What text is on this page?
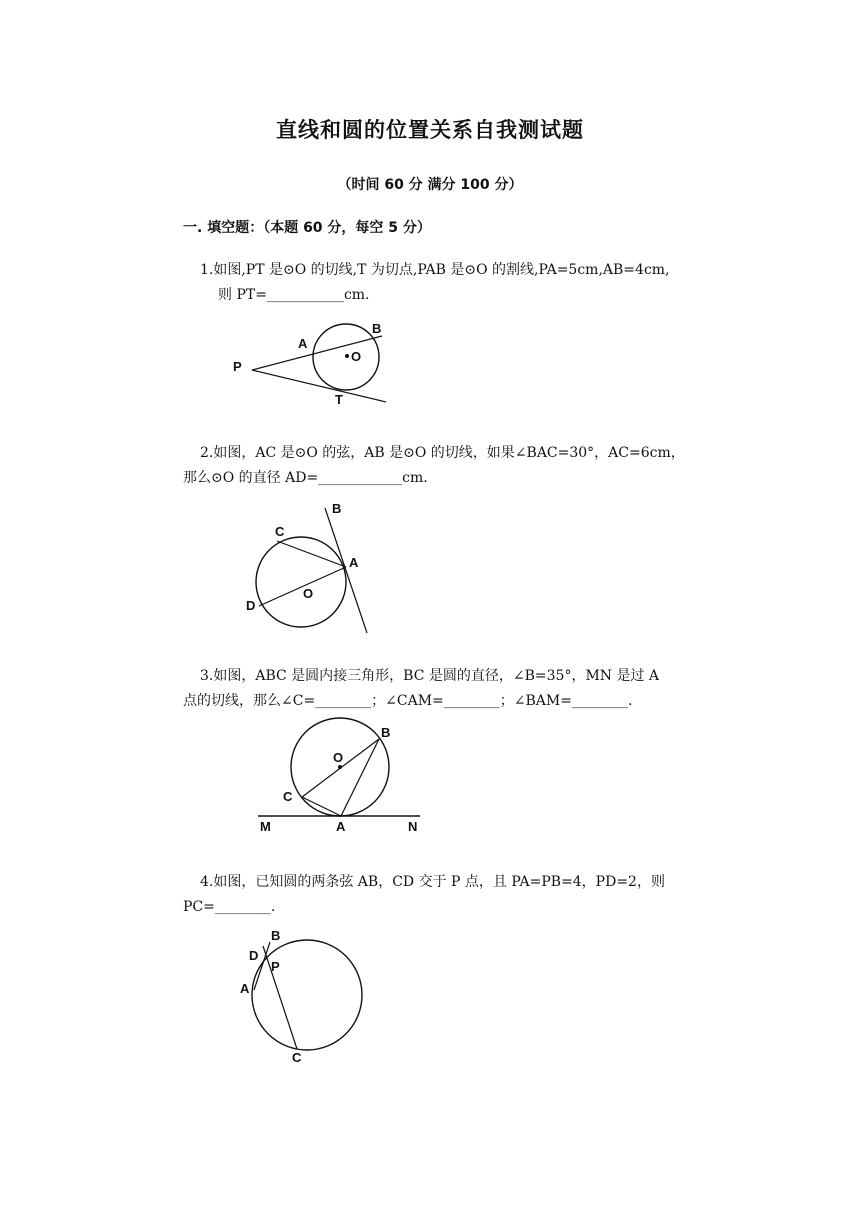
直线和圆的位置关系自我测试题
（时间 60 分 满分 100 分）
一. 填空题：（本题 60 分，每空 5 分）
1.如图,PT 是⊙O 的切线,T 为切点,PAB 是⊙O 的割线,PA=5cm,AB=4cm,
则 PT=___________cm.
P
A
B
O
T
2.如图，AC 是⊙O 的弦，AB 是⊙O 的切线，如果∠BAC=30°，AC=6cm，
那么⊙O 的直径 AD=____________cm.
B
C
A
D
O
3.如图，ABC 是圆内接三角形，BC 是圆的直径，∠B=35°，MN 是过 A
点的切线，那么∠C=________；∠CAM=________；∠BAM=________.
O
B
C
M	A	N
4.如图，已知圆的两条弦 AB，CD 交于 P 点，且 PA=PB=4，PD=2，则
PC=________.
B
D
P
A
C
